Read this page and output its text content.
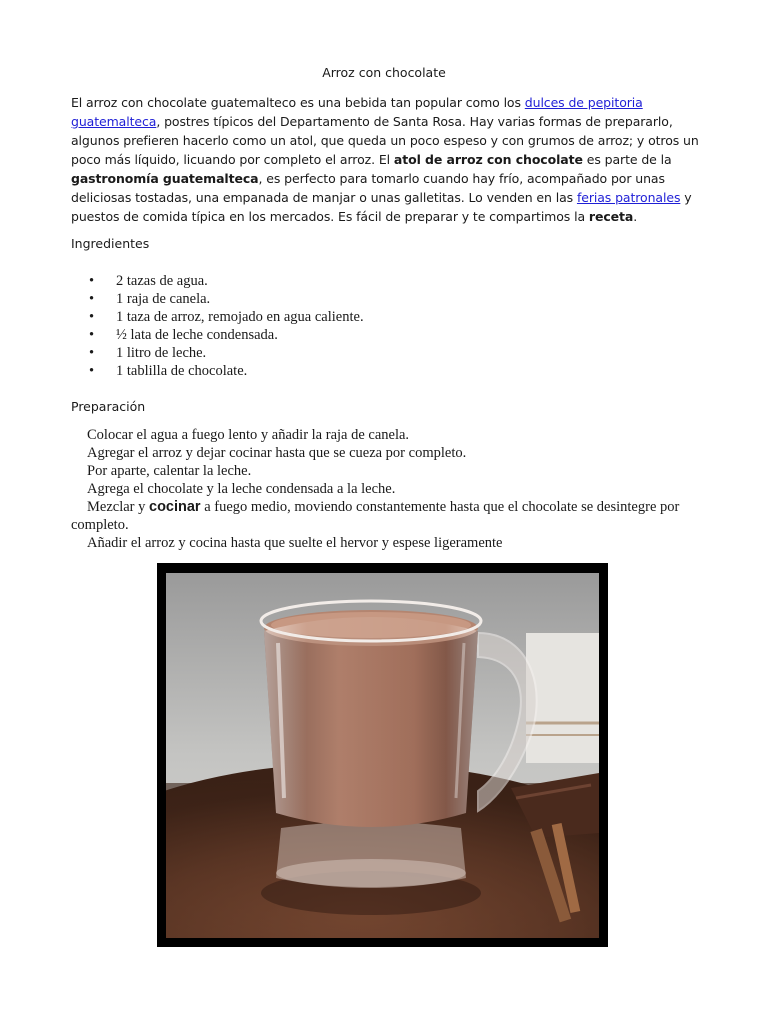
Arroz con chocolate
El arroz con chocolate guatemalteco es una bebida tan popular como los dulces de pepitoria guatemalteca, postres típicos del Departamento de Santa Rosa. Hay varias formas de prepararlo, algunos prefieren hacerlo como un atol, que queda un poco espeso y con grumos de arroz; y otros un poco más líquido, licuando por completo el arroz. El atol de arroz con chocolate es parte de la gastronomía guatemalteca, es perfecto para tomarlo cuando hay frío, acompañado por unas deliciosas tostadas, una empanada de manjar o unas galletitas. Lo venden en las ferias patronales y puestos de comida típica en los mercados. Es fácil de preparar y te compartimos la receta.
Ingredientes
• 2 tazas de agua.
• 1 raja de canela.
• 1 taza de arroz, remojado en agua caliente.
• ½ lata de leche condensada.
• 1 litro de leche.
• 1 tablilla de chocolate.
Preparación

Colocar el agua a fuego lento y añadir la raja de canela.

Agregar el arroz y dejar cocinar hasta que se cueza por completo.

Por aparte, calentar la leche.

Agrega el chocolate y la leche condensada a la leche.

Mezclar y cocinar a fuego medio, moviendo constantemente hasta que el chocolate se desintegre por completo.

Añadir el arroz y cocina hasta que suelte el hervor y espese ligeramente
